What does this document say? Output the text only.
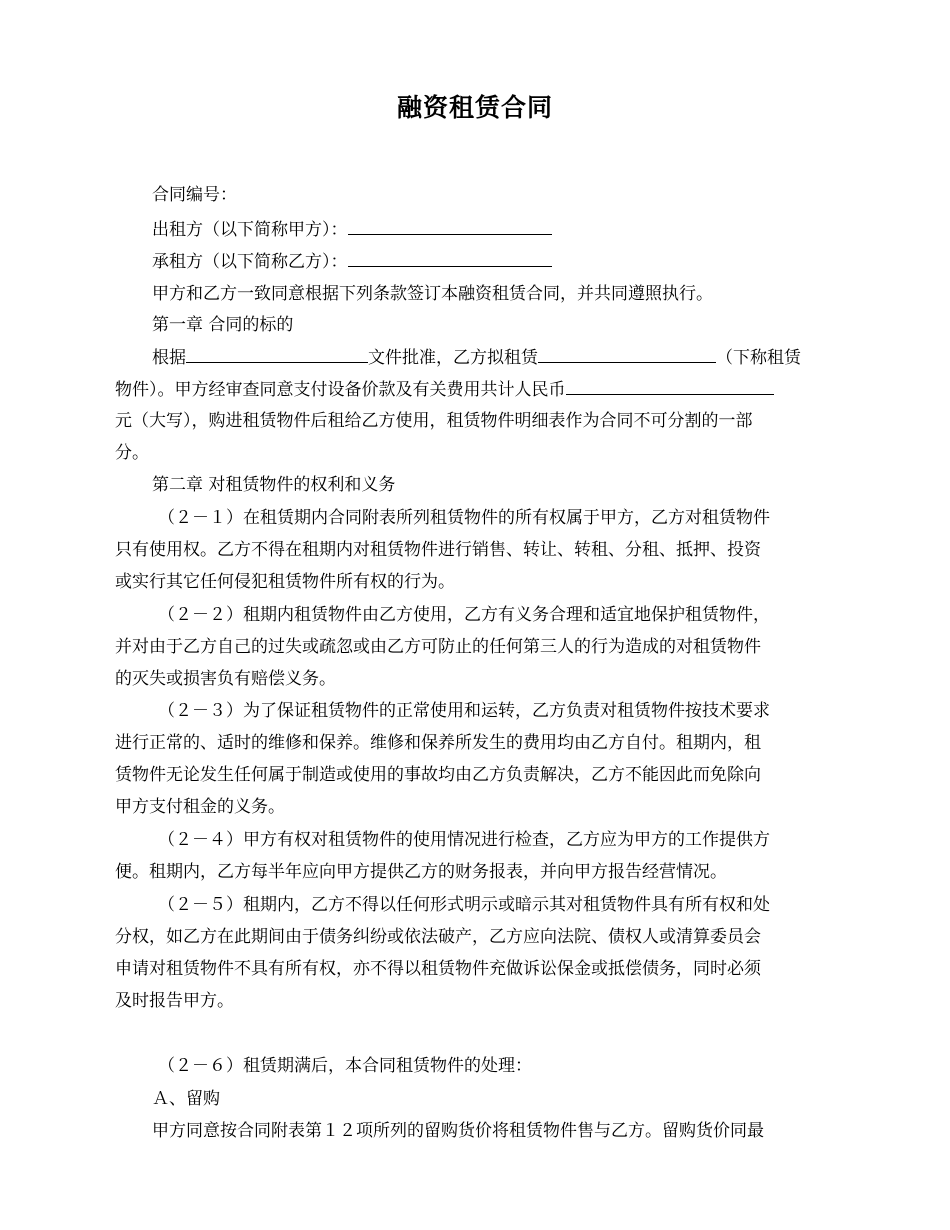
融资租赁合同
合同编号：
出租方（以下简称甲方）：
承租方（以下简称乙方）：
甲方和乙方一致同意根据下列条款签订本融资租赁合同，并共同遵照执行。
第一章 合同的标的
根据	文件批准，乙方拟租赁	（下称租赁
物件）。甲方经审查同意支付设备价款及有关费用共计人民币
元（大写），购进租赁物件后租给乙方使用，租赁物件明细表作为合同不可分割的一部
分。
第二章 对租赁物件的权利和义务
（２－１）在租赁期内合同附表所列租赁物件的所有权属于甲方，乙方对租赁物件
只有使用权。乙方不得在租期内对租赁物件进行销售、转让、转租、分租、抵押、投资
或实行其它任何侵犯租赁物件所有权的行为。
（２－２）租期内租赁物件由乙方使用，乙方有义务合理和适宜地保护租赁物件，
并对由于乙方自己的过失或疏忽或由乙方可防止的任何第三人的行为造成的对租赁物件
的灭失或损害负有赔偿义务。
（２－３）为了保证租赁物件的正常使用和运转，乙方负责对租赁物件按技术要求
进行正常的、适时的维修和保养。维修和保养所发生的费用均由乙方自付。租期内，租
赁物件无论发生任何属于制造或使用的事故均由乙方负责解决，乙方不能因此而免除向
甲方支付租金的义务。
（２－４）甲方有权对租赁物件的使用情况进行检查，乙方应为甲方的工作提供方
便。租期内，乙方每半年应向甲方提供乙方的财务报表，并向甲方报告经营情况。
（２－５）租期内，乙方不得以任何形式明示或暗示其对租赁物件具有所有权和处
分权，如乙方在此期间由于债务纠纷或依法破产，乙方应向法院、债权人或清算委员会
申请对租赁物件不具有所有权，亦不得以租赁物件充做诉讼保金或抵偿债务，同时必须
及时报告甲方。
（２－６）租赁期满后，本合同租赁物件的处理：
Ａ、留购
甲方同意按合同附表第１２项所列的留购货价将租赁物件售与乙方。留购货价同最
